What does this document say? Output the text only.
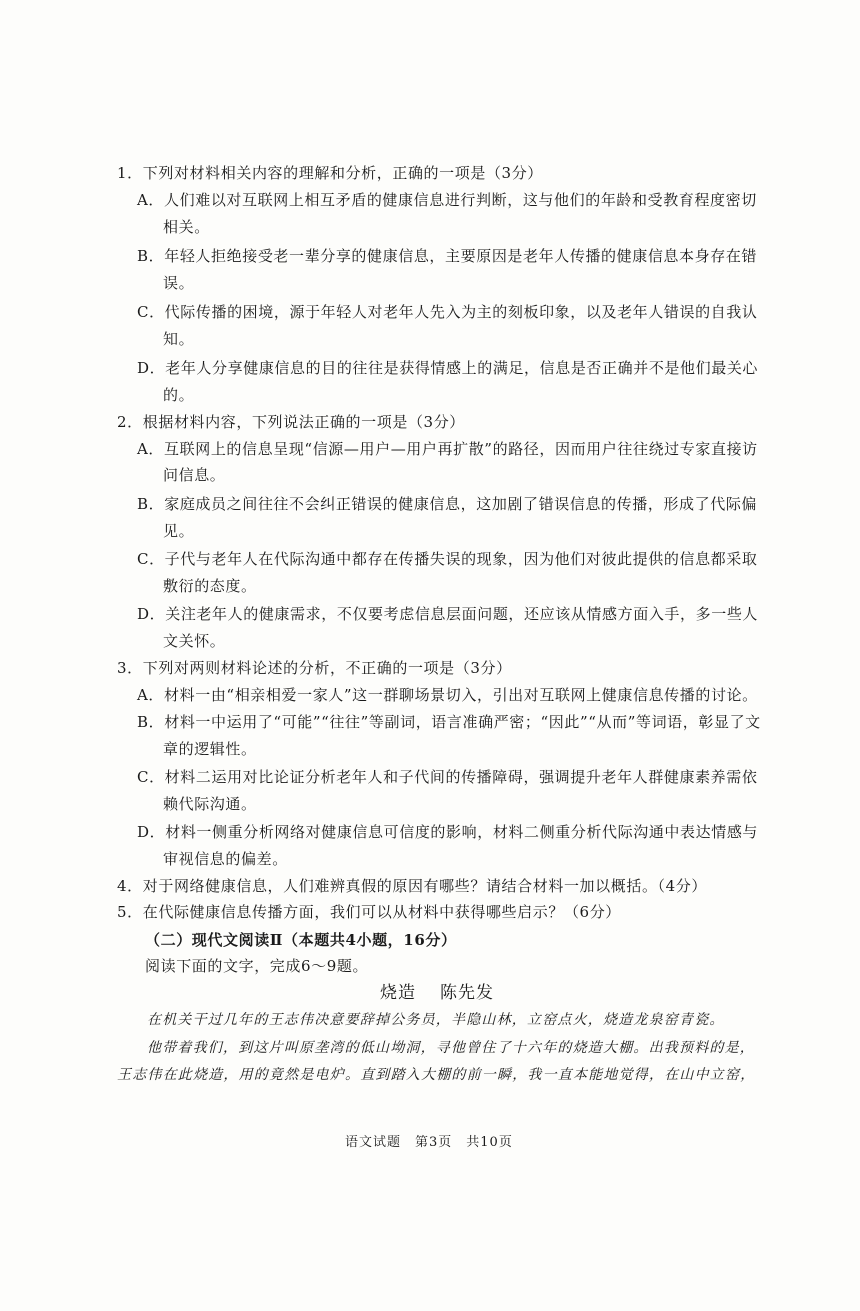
1．下列对材料相关内容的理解和分析，正确的一项是（3分）
A．人们难以对互联网上相互矛盾的健康信息进行判断，这与他们的年龄和受教育程度密切
相关。
B．年轻人拒绝接受老一辈分享的健康信息，主要原因是老年人传播的健康信息本身存在错
误。
C．代际传播的困境，源于年轻人对老年人先入为主的刻板印象，以及老年人错误的自我认
知。
D．老年人分享健康信息的目的往往是获得情感上的满足，信息是否正确并不是他们最关心
的。
2．根据材料内容，下列说法正确的一项是（3分）
A．互联网上的信息呈现“信源—用户—用户再扩散”的路径，因而用户往往绕过专家直接访
问信息。
B．家庭成员之间往往不会纠正错误的健康信息，这加剧了错误信息的传播，形成了代际偏
见。
C．子代与老年人在代际沟通中都存在传播失误的现象，因为他们对彼此提供的信息都采取
敷衍的态度。
D．关注老年人的健康需求，不仅要考虑信息层面问题，还应该从情感方面入手，多一些人
文关怀。
3．下列对两则材料论述的分析，不正确的一项是（3分）
A．材料一由“相亲相爱一家人”这一群聊场景切入，引出对互联网上健康信息传播的讨论。
B．材料一中运用了“可能”“往往”等副词，语言准确严密；“因此”“从而”等词语，彰显了文
章的逻辑性。
C．材料二运用对比论证分析老年人和子代间的传播障碍，强调提升老年人群健康素养需依
赖代际沟通。
D．材料一侧重分析网络对健康信息可信度的影响，材料二侧重分析代际沟通中表达情感与
审视信息的偏差。
4．对于网络健康信息，人们难辨真假的原因有哪些？请结合材料一加以概括。（4分）
5．在代际健康信息传播方面，我们可以从材料中获得哪些启示？（6分）
（二）现代文阅读Ⅱ（本题共4小题，16分）
阅读下面的文字，完成6～9题。
烧造 陈先发
在机关干过几年的王志伟决意要辞掉公务员，半隐山林，立窑点火，烧造龙泉窑青瓷。
他带着我们，到这片叫原垄湾的低山坳洞，寻他曾住了十六年的烧造大棚。出我预料的是，
王志伟在此烧造，用的竟然是电炉。直到踏入大棚的前一瞬，我一直本能地觉得，在山中立窑，
语文试题　第3页　共10页
